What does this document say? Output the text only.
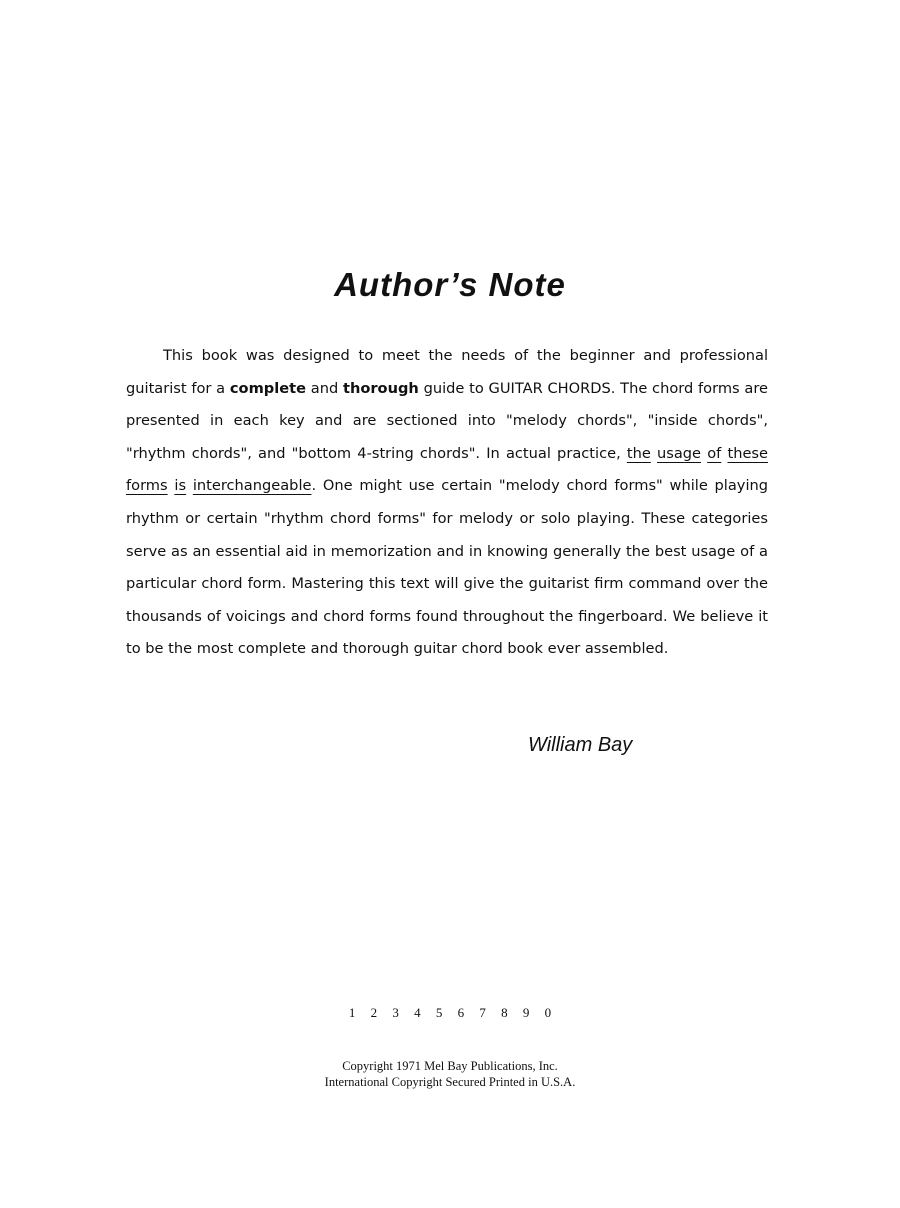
Author’s Note

This book was designed to meet the needs of the beginner and professional guitarist for a complete and thorough guide to GUITAR CHORDS. The chord forms are presented in each key and are sectioned into "melody chords", "inside chords", "rhythm chords", and "bottom 4-string chords". In actual practice, the usage of these forms is interchangeable. One might use certain "melody chord forms" while playing rhythm or certain "rhythm chord forms" for melody or solo playing. These categories serve as an essential aid in memorization and in knowing generally the best usage of a particular chord form. Mastering this text will give the guitarist firm command over the thousands of voicings and chord forms found throughout the fingerboard. We believe it to be the most complete and thorough guitar chord book ever assembled.

William Bay

1 2 3 4 5 6 7 8 9 0

Copyright 1971 Mel Bay Publications, Inc.
International Copyright Secured Printed in U.S.A.
